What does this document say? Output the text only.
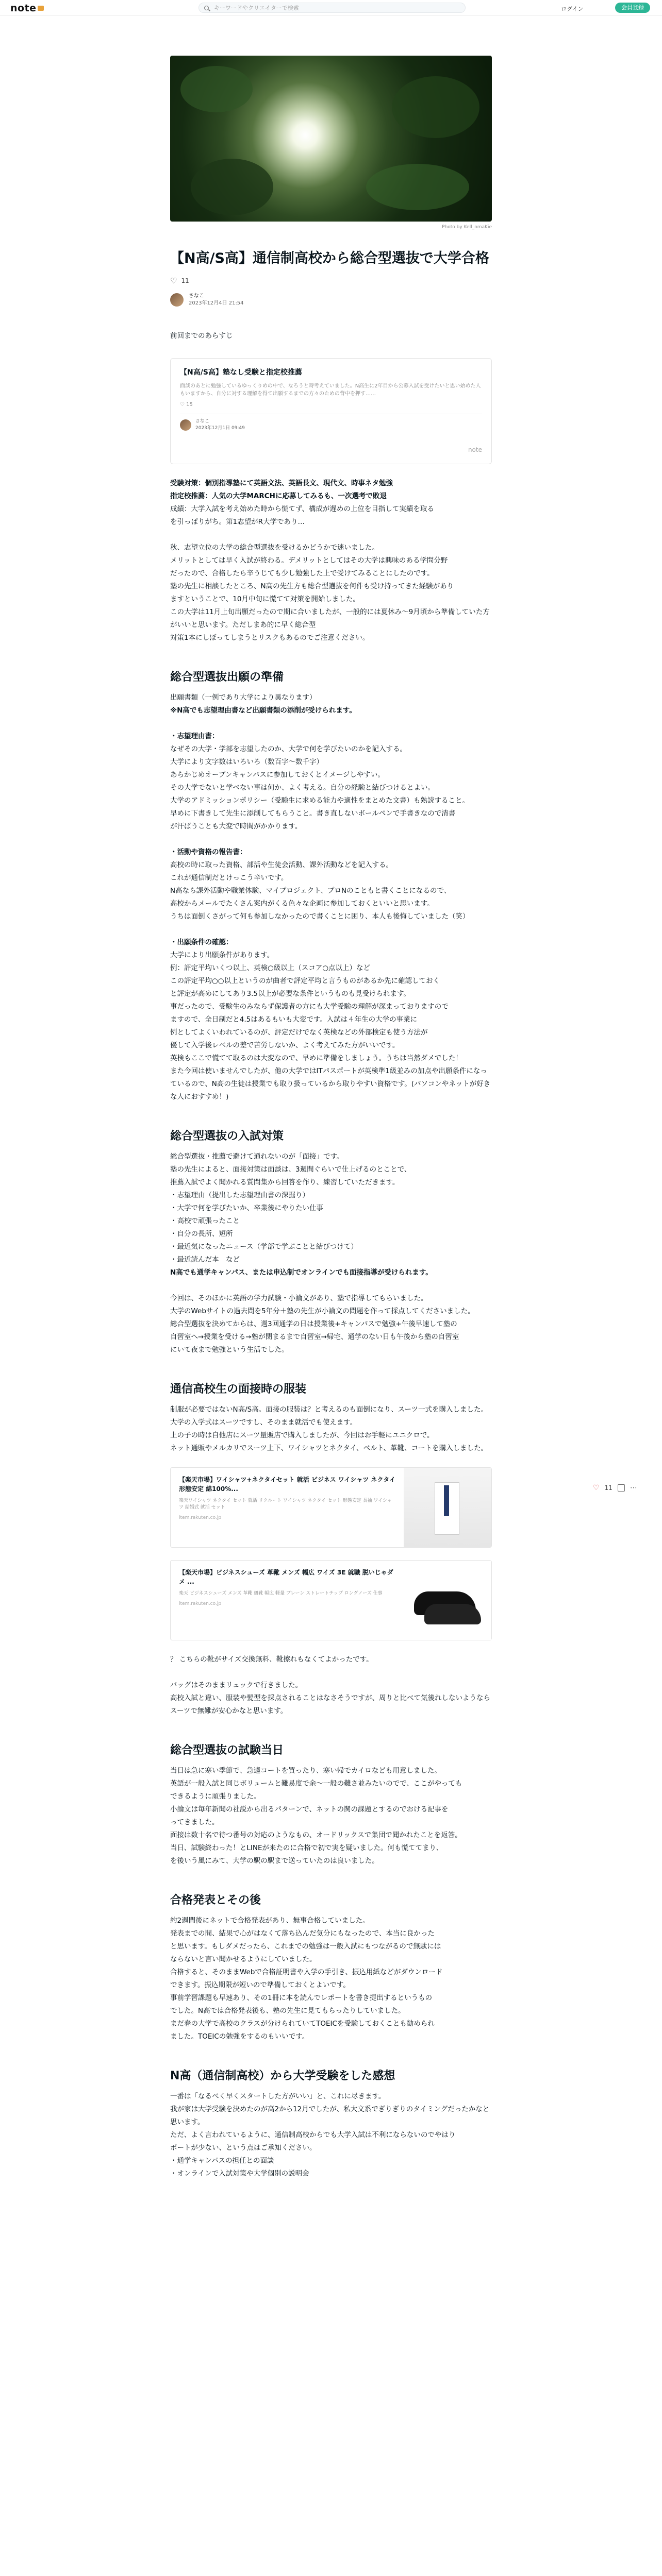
note	キーワードやクリエイターで検索	ログイン	会員登録
Photo by Kell_nmaKie
【N高/S高】通信制高校から総合型選抜で大学合格
♡ 11
さなこ
2023年12月4日 21:54

前回までのあらすじ

【N高/S高】塾なし受験と指定校推薦
面談のあとに勉強しているゆっくりめの中で、なろうと時考えていました。N高生に2年目から公募入試を受けたいと思い始めた人もいますから、自分に対する理解を得て出願するまでの方々のための背中を押す……
♡ 15
さなこ
2023年12月1日 09:49
note

受験対策：個別指導塾にて英語文法、英語長文、現代文、時事ネタ勉強

指定校推薦：人気の大学MARCHに応募してみるも、一次選考で敗退

成績：大学入試を考え始めた時から慌てず、構成が遅めの上位を目指して実績を取る

を引っぱりがち。第1志望がR大学であり…

秋、志望立位の大学の総合型選抜を受けるかどうかで迷いました。

メリットとしては早く入試が終わる。デメリットとしてはその大学は興味のある学問分野

だったので、合格したら辛うじても少し勉強した上で受けてみることにしたのです。

塾の先生に相談したところ、N高の先生方も総合型選抜を何件も受け持ってきた経験があり

ますということで、10月中旬に慌てて対策を開始しました。

この大学は11月上旬出願だったので期に合いましたが、一般的には夏休み〜9月頃から準備していた方がいいと思います。ただしまあ的に早く総合型

対策1本にしぼってしまうとリスクもあるのでご注意ください。

総合型選抜出願の準備

出願書類（一例であり大学により異なります）

※N高でも志望理由書など出願書類の添削が受けられます。

・志望理由書：

なぜその大学・学部を志望したのか、大学で何を学びたいのかを記入する。

大学により文字数はいろいろ（数百字〜数千字）

あらかじめオープンキャンパスに参加しておくとイメージしやすい。

その大学でないと学べない事は何か、よく考える。自分の経験と結びつけるとよい。

大学のアドミッションポリシー（受験生に求める能力や適性をまとめた文書）も熟読すること。

早めに下書きして先生に添削してもらうこと。書き直しないボールペンで手書きなので清書

が汗ばうことも大変で時間がかかります。

・活動や資格の報告書：

高校の時に取った資格、部活や生徒会活動、課外活動などを記入する。

これが通信制だとけっこう辛いです。

N高なら課外活動や職業体験、マイプロジェクト、プロNのこともと書くことになるので、

高校からメールでたくさん案内がくる色々な企画に参加しておくといいと思います。

うちは面倒くさがって何も参加しなかったので書くことに困り、本人も後悔していました（笑）

・出願条件の確認：

大学により出願条件があります。

例：評定平均いくつ以上、英検○級以上（スコア○点以上）など

この評定平均○○以上というのが曲者で評定平均と言うものがあるか先に確認しておく

と評定が高めにしてあり3.5以上が必要な条件というものも見受けられます。

事だったので、受験生のみならず保護者の方にも大学受験の理解が深まっておりますので

ますので、全日制だと4.5はあるもいも大変です。入試は４年生の大学の事業に

例としてよくいわれているのが、評定だけでなく英検などの外部検定も使う方法が

優して入学後レベルの差で苦労しないか、よく考えてみた方がいいです。

英検もここで慌てて取るのは大変なので、早めに準備をしましょう。うちは当然ダメでした！

また今回は使いませんでしたが、他の大学ではITパスポートが英検準1級並みの加点や出願条件になっているので、N高の生徒は授業でも取り扱っているから取りやすい資格です。(パソコンやネットが好きな人におすすめ！)

総合型選抜の入試対策

総合型選抜・推薦で避けて通れないのが「面接」です。

塾の先生によると、面接対策は面談は、3週間ぐらいで仕上げるのとことで、

推薦入試でよく聞かれる質問集から回答を作り、練習していただきます。

・志望理由（提出した志望理由書の深掘り）

・大学で何を学びたいか、卒業後にやりたい仕事

・高校で頑張ったこと

・自分の長所、短所

・最近気になったニュース（学部で学ぶことと結びつけて）

・最近読んだ本　など

N高でも通学キャンパス、または申込制でオンラインでも面接指導が受けられます。

今回は、そのほかに英語の学力試験・小論文があり、塾で指導してもらいました。

大学のWebサイトの過去問を5年分＋塾の先生が小論文の問題を作って採点してくださいました。

総合型選抜を決めてからは、週3回通学の日は授業後+キャンパスで勉強+午後早速して塾の

自習室へ→授業を受ける→塾が閉まるまで自習室→帰宅、通学のない日も午後から塾の自習室

にいて夜まで勉強という生活でした。

通信高校生の面接時の服装

制服が必要ではないN高/S高。面接の服装は？と考えるのも面倒になり、スーツ一式を購入しました。

大学の入学式はスーツですし、そのまま就活でも使えます。

上の子の時は自他店にスーツ量販店で購入しましたが、今回はお手軽にユニクロで。

ネット通販やメルカリでスーツ上下、ワイシャツとネクタイ、ベルト、革靴、コートを購入しました。

【楽天市場】ワイシャツ+ネクタイセット 就活 ビジネス ワイシャツ ネクタイ 形態安定 綿100%...
楽天ワイシャツ ネクタイ セット 就活 リクルート ワイシャツ ネクタイ セット 形態安定 長袖 ワイシャツ 結婚式 就活 セット
item.rakuten.co.jp
【楽天市場】ビジネスシューズ 革靴 メンズ 幅広 ワイズ 3E 就職 脱いじゃダメ ...
楽天 ビジネスシューズ メンズ 革靴 紐靴 幅広 軽量 ブレーン ストレートチップ ロングノーズ 仕事
item.rakuten.co.jp

？ こちらの靴がサイズ交換無料、靴擦れもなくてよかったです。

バッグはそのままリュックで行きました。

高校入試と違い、服装や髪型を採点されることはなさそうですが、周りと比べて気後れしないようならスーツで無難が安心かなと思います。

総合型選抜の試験当日

当日は急に寒い季節で、急遽コートを買ったり、寒い帰でカイロなども用意しました。

英語が一般入試と同じボリュームと難易度で余〜一般の難さ並みたいのでで、ここがやっても

できるように頑張りました。

小論文は毎年新聞の社説から出るパターンで、ネットの関の課題とするのでおける記事を

ってきました。

面接は数十名で待つ番号の対応のようなもの、オードリックスで集団で聞かれたことを返答。

当日、試験終わった！とLINEが来たのに合格で初で実を疑いました。何も慌ててまり、

を後いう風にみて、大学の駅の駅まで送っていたのは良いました。

合格発表とその後

約2週間後にネットで合格発表があり、無事合格していました。

発表までの間、結果で心がはなくて落ち込んだ気分にもなったので、本当に良かった

と思います。もしダメだったら、これまでの勉強は一般入試にもつながるので無駄には

ならないと言い聞かせるようにしていました。

合格すると、そのままWebで合格証明書や入学の手引き、振込用紙などがダウンロード

できます。振込期限が短いので準備しておくとよいです。

事前学習課題も早速あり、その1冊に本を読んでレポートを書き提出するというもの

でした。N高では合格発表後も、塾の先生に見てもらったりしていました。

まだ春の大学で高校のクラスが分けられていてTOEICを受験しておくことも勧められ

ました。TOEICの勉強をするのもいいです。

N高（通信制高校）から大学受験をした感想

一番は「なるべく早くスタートした方がいい」と、これに尽きます。

我が家は大学受験を決めたのが高2から12月でしたが、私大文系でぎりぎりのタイミングだったかなと思います。

ただ、よく言われているように、通信制高校からでも大学入試は不利にならないのでやはり

ポートが少ない、という点はご承知ください。

・通学キャンパスの担任との面談

・オンラインで入試対策や大学個別の説明会

♡ 11 ⋯
